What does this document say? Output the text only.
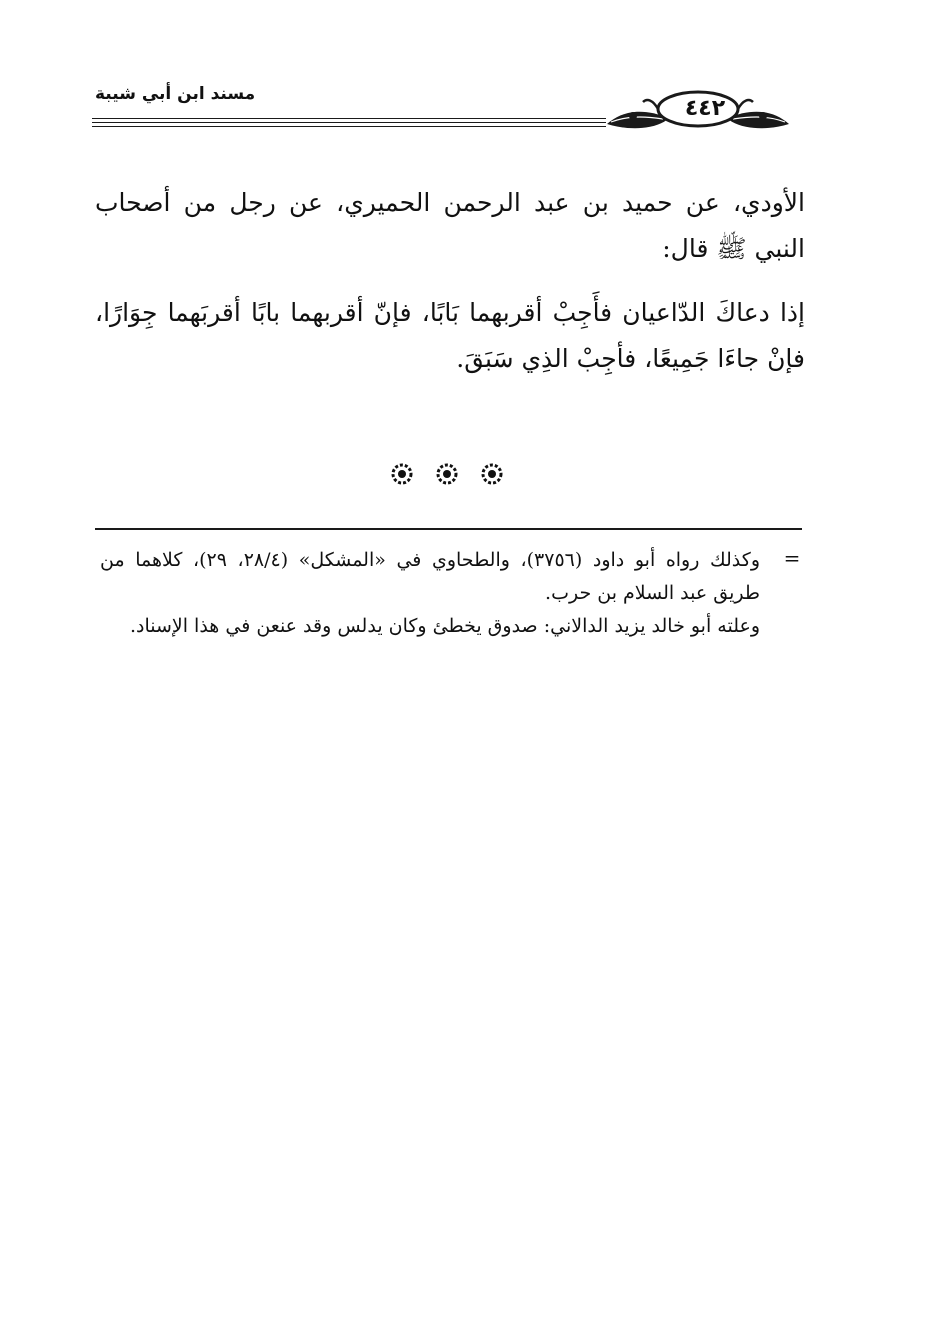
مسند ابن أبي شيبة
٤٤٢
الأودي، عن حميد بن عبد الرحمن الحميري، عن رجل من أصحاب النبي ﷺ قال:
إذا دعاكَ الدّاعيان فأَجِبْ أقربهما بَابًا، فإنّ أقربهما بابًا أقربَهما جِوَارًا، فإنْ جاءَا جَمِيعًا، فأجِبْ الذِي سَبَقَ.
=

وكذلك رواه أبو داود (٣٧٥٦)، والطحاوي في «المشكل» (٢٨/٤، ٢٩)، كلاهما من طريق عبد السلام بن حرب.

وعلته أبو خالد يزيد الدالاني: صدوق يخطئ وكان يدلس وقد عنعن في هذا الإسناد.
